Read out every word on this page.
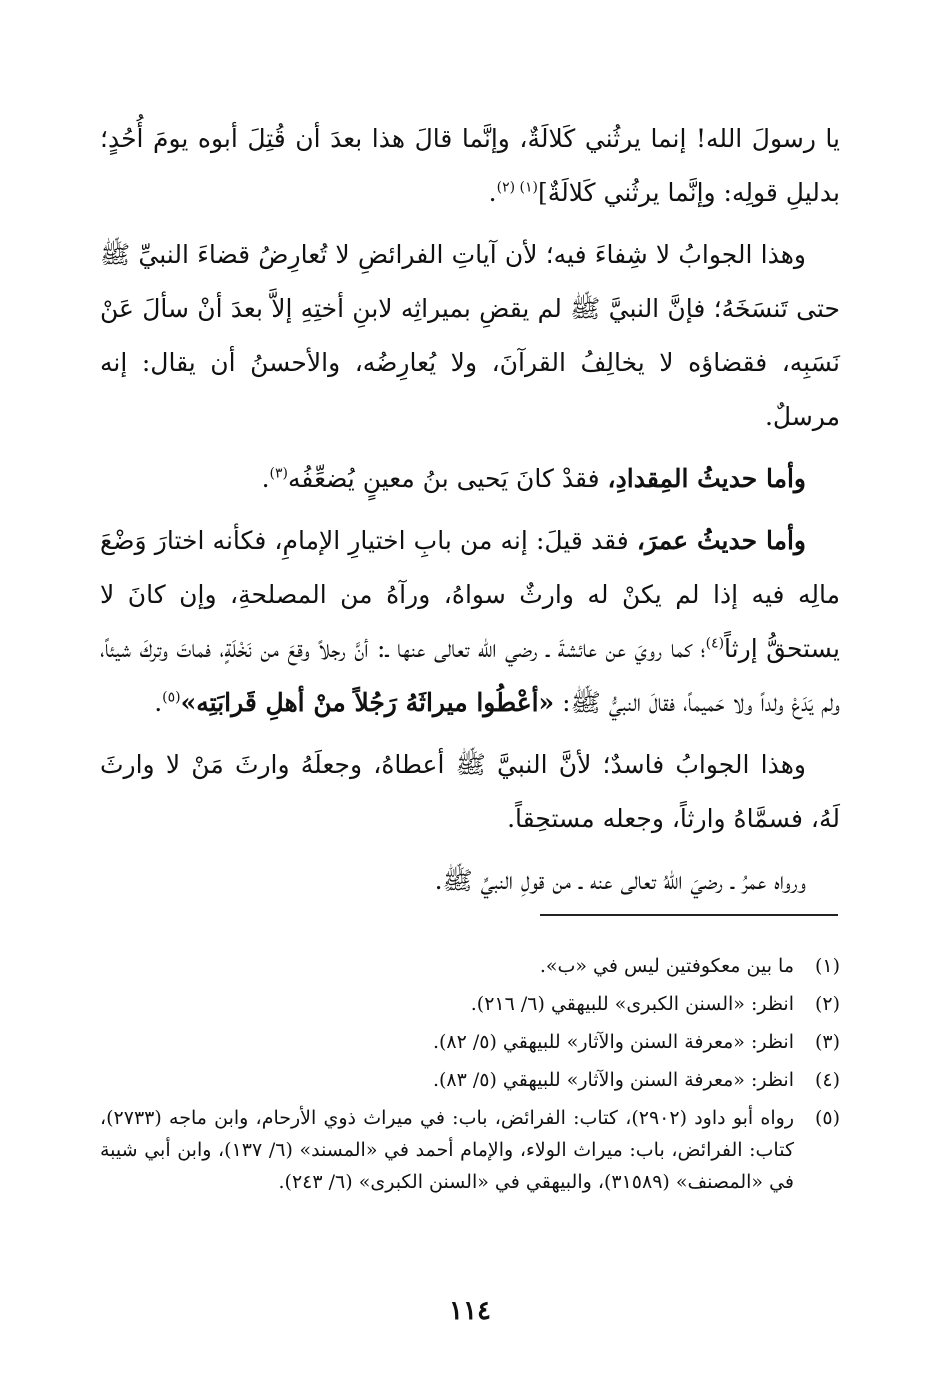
يا رسولَ الله! إنما يرثُني كَلالَةٌ، وإنَّما قالَ هذا بعدَ أن قُتِلَ أبوه يومَ أُحُدٍ؛ بدليلِ قولِه: وإنَّما يرثُني كَلالَةٌ]$^{(١) (٢)}$.

وهذا الجوابُ لا شِفاءَ فيه؛ لأن آياتِ الفرائضِ لا تُعارِضُ قضاءَ النبيِّ ﷺ حتى تَنسَخَهُ؛ فإنَّ النبيَّ ﷺ لم يقضِ بميراثِه لابنِ أختِهِ إلاَّ بعدَ أنْ سألَ عَنْ نَسَبِه، فقضاؤه لا يخالِفُ القرآنَ، ولا يُعارِضُه، والأحسنُ أن يقال: إنه مرسلٌ.

وأما حديثُ المِقدادِ، فقدْ كانَ يَحيى بنُ معينٍ يُضعِّفُه$^{(٣)}$.

وأما حديثُ عمرَ، فقد قيلَ: إنه من بابِ اختيارِ الإمامِ، فكأنه اختارَ وَضْعَ مالِه فيه إذا لم يكنْ له وارثٌ سواهُ، ورآهُ من المصلحةِ، وإن كانَ لا يستحقُّ إرثاً$^{(٤)}$؛ كما رويَ عن عائشةَ ـ رضي الله تعالى عنها ـ: أنَّ رجلاً وقعَ من نَخْلَةٍ، فماتَ وتركَ شيئاً، ولم يَدَعْ ولداً ولا حَميماً، فقالَ النبيُّ ﷺ: «أعْطُوا ميراثَهُ رَجُلاً منْ أهلِ قَرابَتِه»$^{(٥)}$.

وهذا الجوابُ فاسدٌ؛ لأنَّ النبيَّ ﷺ أعطاهُ، وجعلَهُ وارثَ مَنْ لا وارثَ لَهُ، فسمَّاهُ وارثاً، وجعله مستحِقاً.

ورواه عمرُ ـ رضيَ اللهُ تعالى عنه ـ من قولِ النبيِّ ﷺ.

(١)
ما بين معكوفتين ليس في «ب».
(٢)
انظر: «السنن الكبرى» للبيهقي (٦/ ٢١٦).
(٣)
انظر: «معرفة السنن والآثار» للبيهقي (٥/ ٨٢).
(٤)
انظر: «معرفة السنن والآثار» للبيهقي (٥/ ٨٣).
(٥)
رواه أبو داود (٢٩٠٢)، كتاب: الفرائض، باب: في ميراث ذوي الأرحام، وابن ماجه (٢٧٣٣)، كتاب: الفرائض، باب: ميراث الولاء، والإمام أحمد في «المسند» (٦/ ١٣٧)، وابن أبي شيبة في «المصنف» (٣١٥٨٩)، والبيهقي في «السنن الكبرى» (٦/ ٢٤٣).
١١٤
